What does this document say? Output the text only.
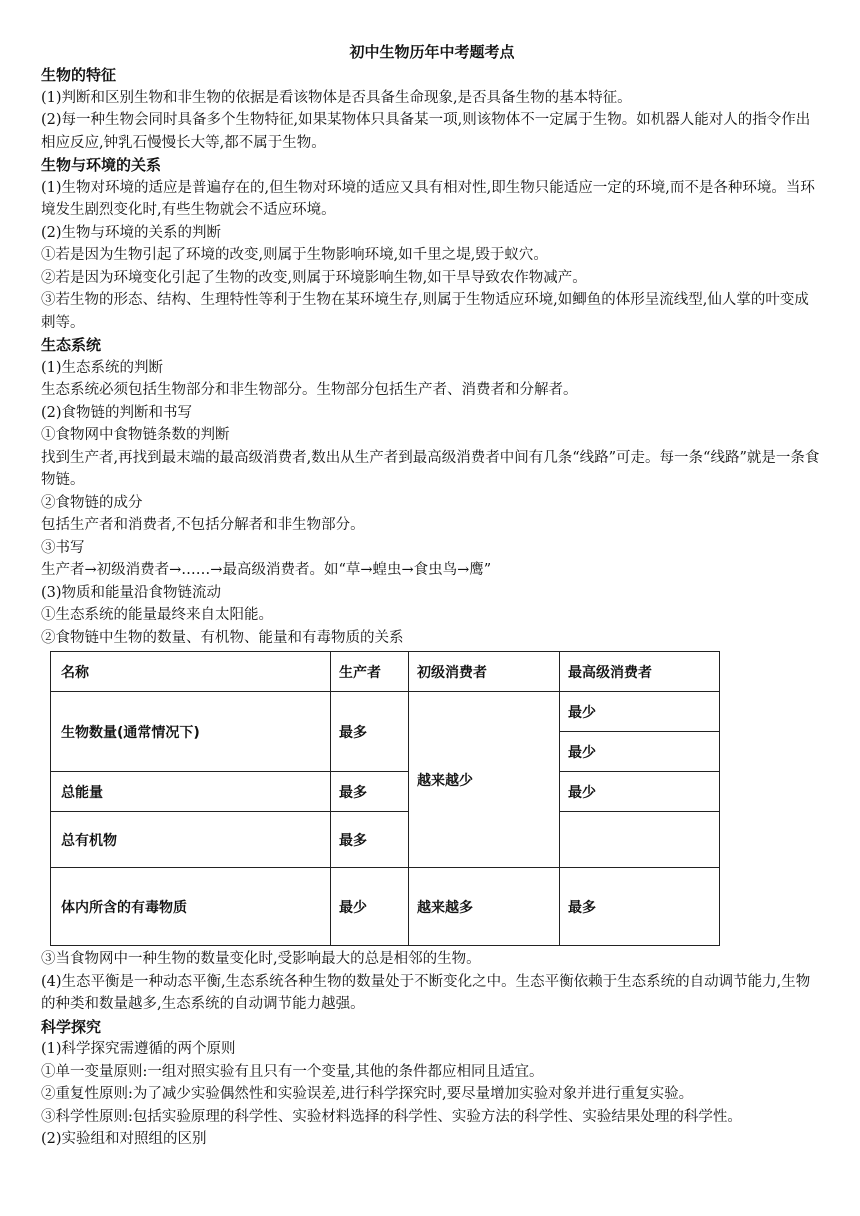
初中生物历年中考题考点
生物的特征
(1)判断和区别生物和非生物的依据是看该物体是否具备生命现象,是否具备生物的基本特征。
(2)每一种生物会同时具备多个生物特征,如果某物体只具备某一项,则该物体不一定属于生物。如机器人能对人的指令作出相应反应,钟乳石慢慢长大等,都不属于生物。
生物与环境的关系
(1)生物对环境的适应是普遍存在的,但生物对环境的适应又具有相对性,即生物只能适应一定的环境,而不是各种环境。当环境发生剧烈变化时,有些生物就会不适应环境。
(2)生物与环境的关系的判断
①若是因为生物引起了环境的改变,则属于生物影响环境,如千里之堤,毁于蚁穴。
②若是因为环境变化引起了生物的改变,则属于环境影响生物,如干旱导致农作物减产。
③若生物的形态、结构、生理特性等利于生物在某环境生存,则属于生物适应环境,如鲫鱼的体形呈流线型,仙人掌的叶变成刺等。
生态系统
(1)生态系统的判断
生态系统必须包括生物部分和非生物部分。生物部分包括生产者、消费者和分解者。
(2)食物链的判断和书写
①食物网中食物链条数的判断
找到生产者,再找到最末端的最高级消费者,数出从生产者到最高级消费者中间有几条“线路”可走。每一条“线路”就是一条食物链。
②食物链的成分
包括生产者和消费者,不包括分解者和非生物部分。
③书写
生产者→初级消费者→……→最高级消费者。如“草→蝗虫→食虫鸟→鹰”
(3)物质和能量沿食物链流动
①生态系统的能量最终来自太阳能。
②食物链中生物的数量、有机物、能量和有毒物质的关系
名称	生产者	初级消费者	最高级消费者
生物数量(通常情况下)	最多	越来越少	最少
			最少
总能量	最多		最少
总有机物	最多		
体内所含的有毒物质	最少	越来越多	最多
③当食物网中一种生物的数量变化时,受影响最大的总是相邻的生物。
(4)生态平衡是一种动态平衡,生态系统各种生物的数量处于不断变化之中。生态平衡依赖于生态系统的自动调节能力,生物的种类和数量越多,生态系统的自动调节能力越强。
科学探究
(1)科学探究需遵循的两个原则
①单一变量原则:一组对照实验有且只有一个变量,其他的条件都应相同且适宜。
②重复性原则:为了减少实验偶然性和实验误差,进行科学探究时,要尽量增加实验对象并进行重复实验。
③科学性原则:包括实验原理的科学性、实验材料选择的科学性、实验方法的科学性、实验结果处理的科学性。
(2)实验组和对照组的区别
